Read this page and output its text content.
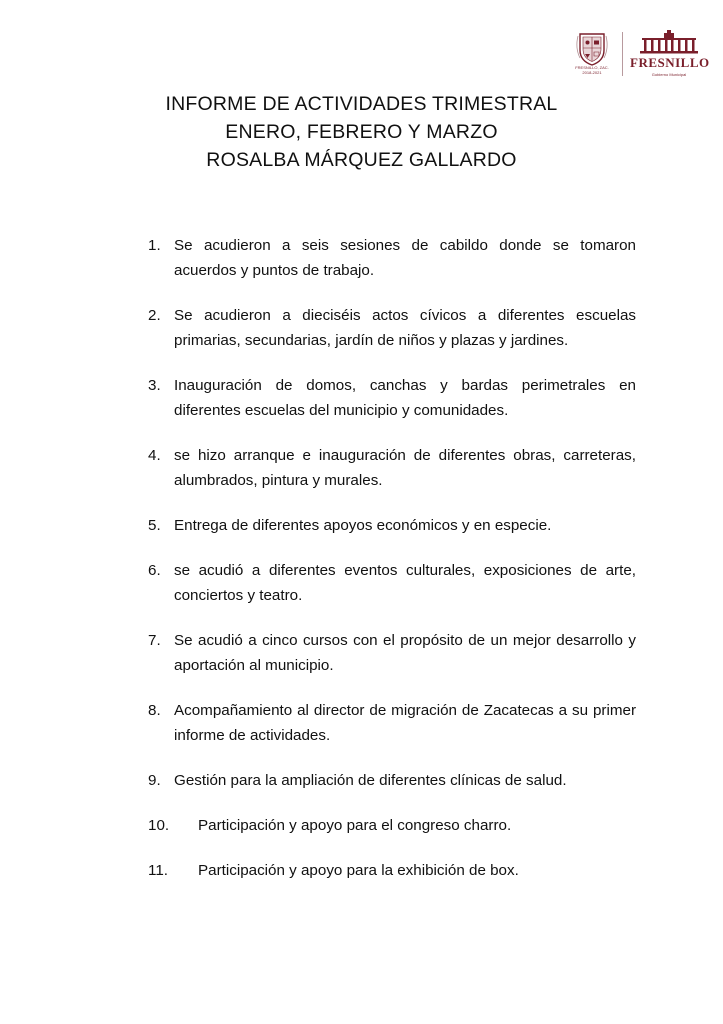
FRESNILLO, ZAC.
2018-2021
FRESNILLO
Gobierno Municipal
INFORME DE ACTIVIDADES TRIMESTRAL
ENERO, FEBRERO Y MARZO
ROSALBA MÁRQUEZ GALLARDO
1. Se acudieron a seis sesiones de cabildo donde se tomaron acuerdos y puntos de trabajo.
2. Se acudieron a dieciséis actos cívicos a diferentes escuelas primarias, secundarias, jardín de niños y plazas y jardines.
3. Inauguración de domos, canchas y bardas perimetrales en diferentes escuelas del municipio y comunidades.
4. se hizo arranque e inauguración de diferentes obras, carreteras, alumbrados, pintura y murales.
5. Entrega de diferentes apoyos económicos y en especie.
6. se acudió a diferentes eventos culturales, exposiciones de arte, conciertos y teatro.
7. Se acudió a cinco cursos con el propósito de un mejor desarrollo y aportación al municipio.
8. Acompañamiento al director de migración de Zacatecas a su primer informe de actividades.
9. Gestión para la ampliación de diferentes clínicas de salud.
10. Participación y apoyo para el congreso charro.
11. Participación y apoyo para la exhibición de box.
